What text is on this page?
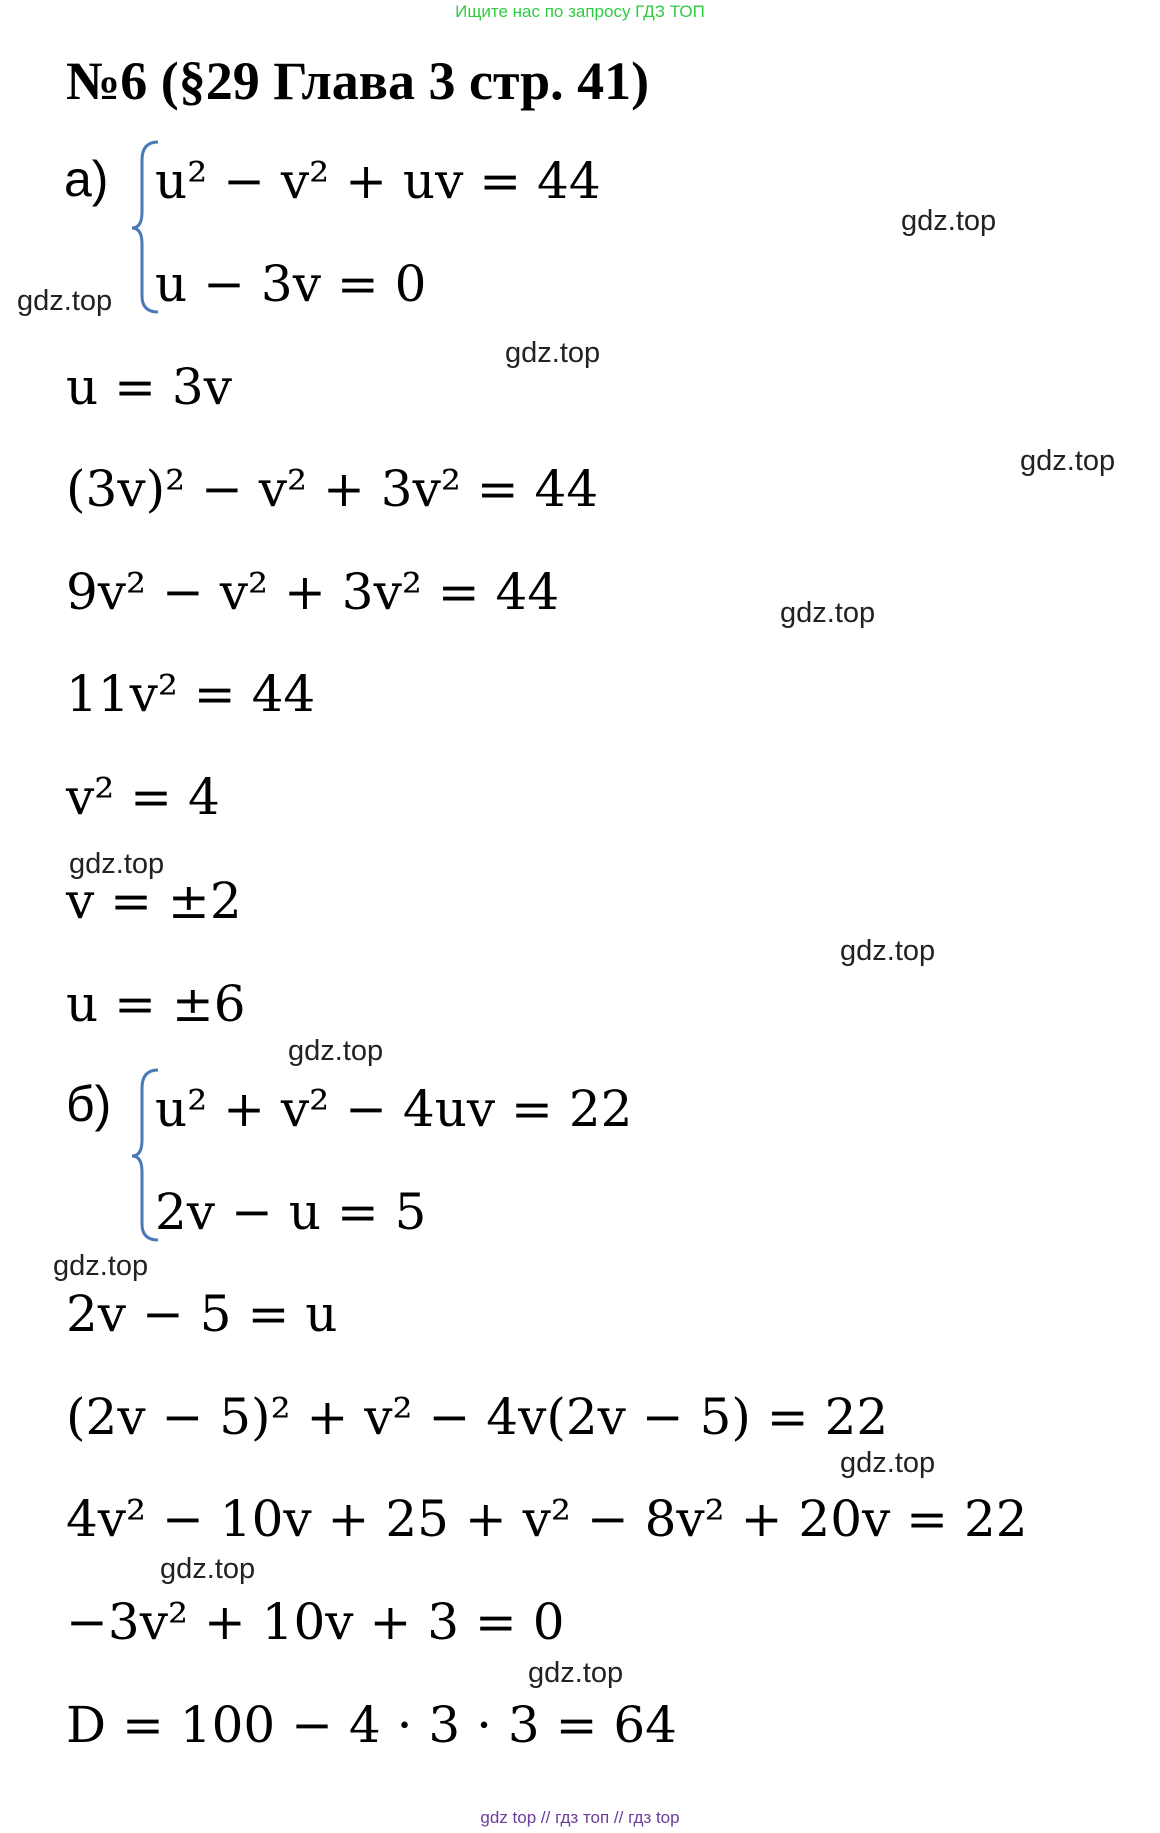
Ищите нас по запросу ГДЗ ТОП
№6 (§29 Глава 3 стр. 41)
а) u² − v² + uv = 44
u − 3v = 0
u = 3v
(3v)² − v² + 3v² = 44
9v² − v² + 3v² = 44
11v² = 44
v² = 4
v = ±2
u = ±6
б) u² + v² − 4uv = 22
2v − u = 5
2v − 5 = u
(2v − 5)² + v² − 4v(2v − 5) = 22
4v² − 10v + 25 + v² − 8v² + 20v = 22
−3v² + 10v + 3 = 0
D = 100 − 4 · 3 · 3 = 64
gdz.top
gdz.top
gdz.top
gdz.top
gdz.top
gdz.top
gdz.top
gdz.top
gdz.top
gdz.top
gdz.top
gdz.top
gdz top // гдз топ // гдз top
